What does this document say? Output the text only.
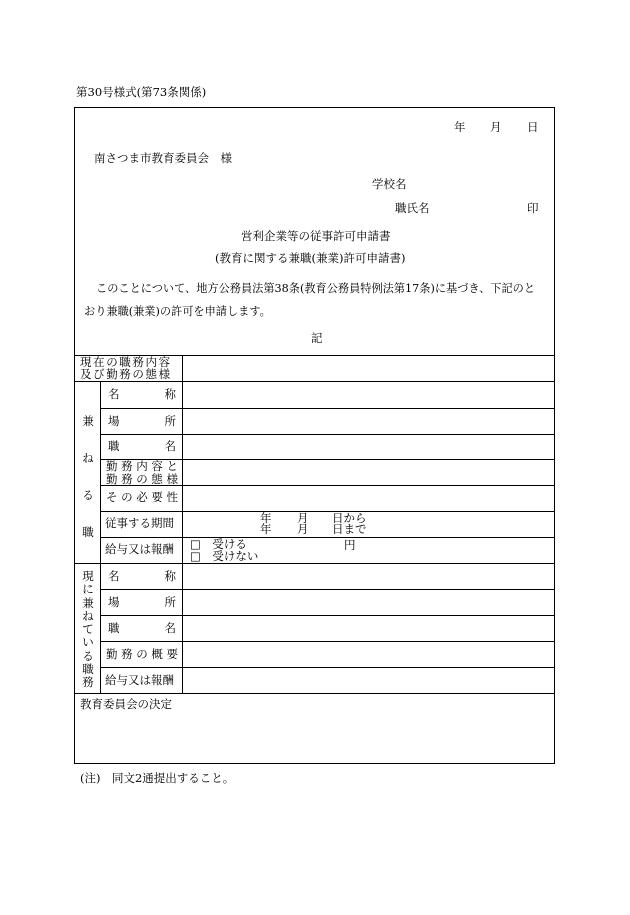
第30号様式(第73条関係)
年 月 日
南さつま市教育委員会　様
学校名
職氏名	印
営利企業等の従事許可申請書
(教育に関する兼職(兼業)許可申請書)
このことについて、地方公務員法第38条(教育公務員特例法第17条)に基づき、下記のと
おり兼職(兼業)の許可を申請します。
記
現在の職務内容
及び勤務の態様
兼
ね
る
職
名称
場所
職名
勤務内容と
勤務の態様
その必要性
従事する期間
給与又は報酬
年 月 日から
年 月 日まで
□　受ける
□　受けない
円
現
に
兼
ね
て
い
る
職
務
名称
場所
職名
勤務の概要
給与又は報酬
教育委員会の決定
(注)　同文2通提出すること。
